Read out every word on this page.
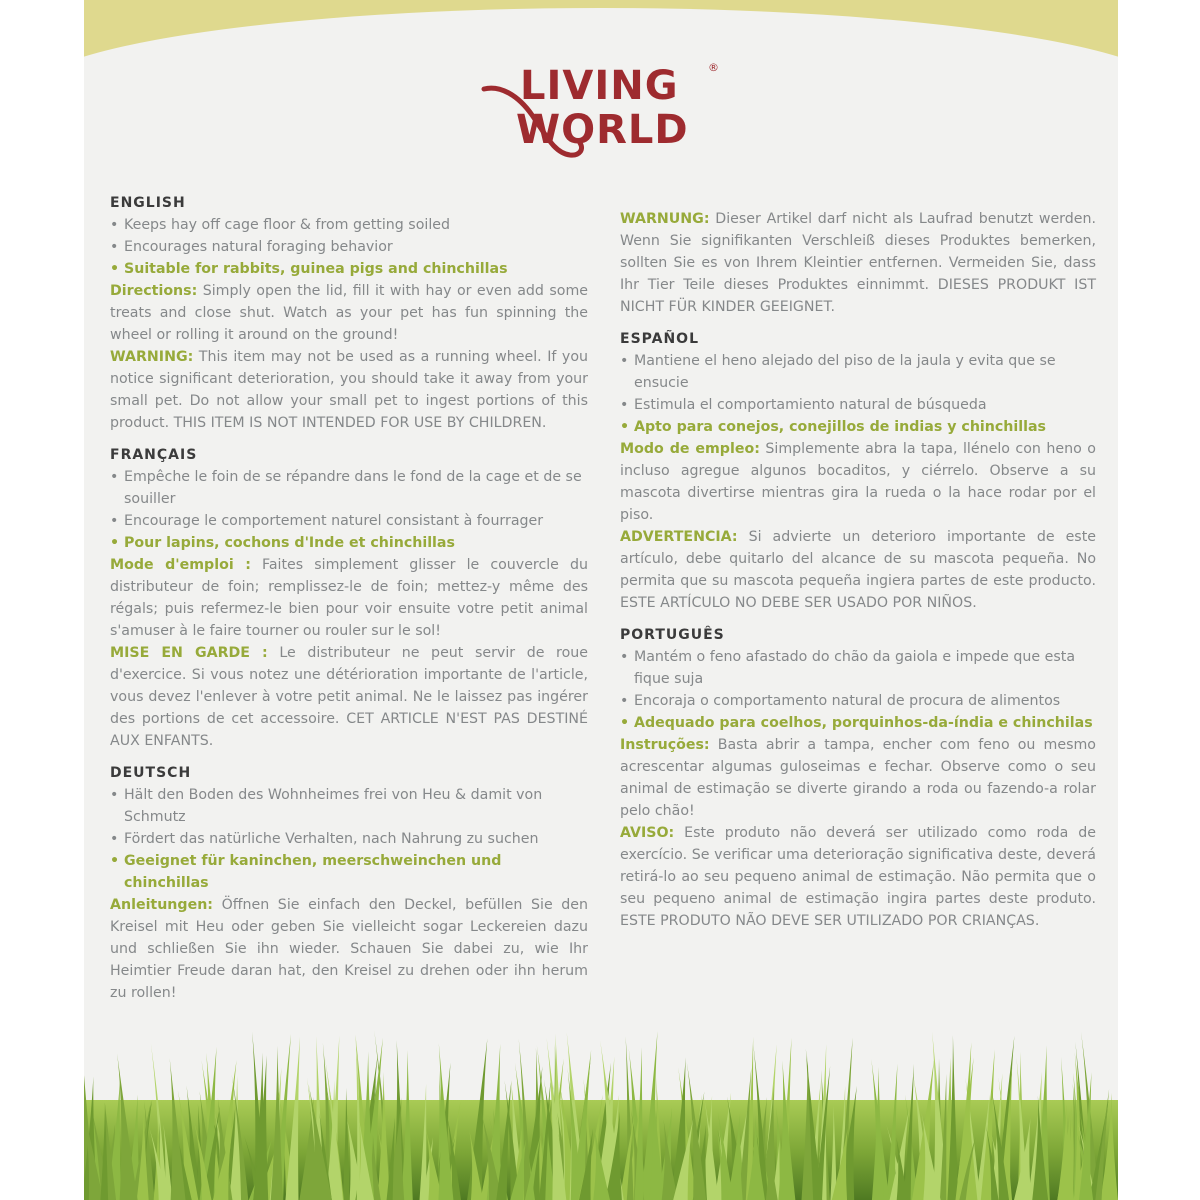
LIVING	®
WORLD
ENGLISH
• Keeps hay off cage floor & from getting soiled
• Encourages natural foraging behavior
• Suitable for rabbits, guinea pigs and chinchillas

Directions: Simply open the lid, fill it with hay or even add some treats and close shut. Watch as your pet has fun spinning the wheel or rolling it around on the ground!

WARNING: This item may not be used as a running wheel. If you notice significant deterioration, you should take it away from your small pet. Do not allow your small pet to ingest portions of this product. THIS ITEM IS NOT INTENDED FOR USE BY CHILDREN.

FRANÇAIS
• Empêche le foin de se répandre dans le fond de la cage et de se souiller
• Encourage le comportement naturel consistant à fourrager
• Pour lapins, cochons d'Inde et chinchillas

Mode d'emploi : Faites simplement glisser le couvercle du distributeur de foin; remplissez-le de foin; mettez-y même des régals; puis refermez-le bien pour voir ensuite votre petit animal s'amuser à le faire tourner ou rouler sur le sol!

MISE EN GARDE : Le distributeur ne peut servir de roue d'exercice. Si vous notez une détérioration importante de l'article, vous devez l'enlever à votre petit animal. Ne le laissez pas ingérer des portions de cet accessoire. CET ARTICLE N'EST PAS DESTINÉ AUX ENFANTS.

DEUTSCH
• Hält den Boden des Wohnheimes frei von Heu & damit von Schmutz
• Fördert das natürliche Verhalten, nach Nahrung zu suchen
• Geeignet für kaninchen, meerschweinchen und chinchillas

Anleitungen: Öffnen Sie einfach den Deckel, befüllen Sie den Kreisel mit Heu oder geben Sie vielleicht sogar Leckereien dazu und schließen Sie ihn wieder. Schauen Sie dabei zu, wie Ihr Heimtier Freude daran hat, den Kreisel zu drehen oder ihn herum zu rollen!

WARNUNG: Dieser Artikel darf nicht als Laufrad benutzt werden. Wenn Sie signifikanten Verschleiß dieses Produktes bemerken, sollten Sie es von Ihrem Kleintier entfernen. Vermeiden Sie, dass Ihr Tier Teile dieses Produktes einnimmt. DIESES PRODUKT IST NICHT FÜR KINDER GEEIGNET.

ESPAÑOL
• Mantiene el heno alejado del piso de la jaula y evita que se ensucie
• Estimula el comportamiento natural de búsqueda
• Apto para conejos, conejillos de indias y chinchillas

Modo de empleo: Simplemente abra la tapa, llénelo con heno o incluso agregue algunos bocaditos, y ciérrelo. Observe a su mascota divertirse mientras gira la rueda o la hace rodar por el piso.

ADVERTENCIA: Si advierte un deterioro importante de este artículo, debe quitarlo del alcance de su mascota pequeña. No permita que su mascota pequeña ingiera partes de este producto. ESTE ARTÍCULO NO DEBE SER USADO POR NIÑOS.

PORTUGUÊS
• Mantém o feno afastado do chão da gaiola e impede que esta fique suja
• Encoraja o comportamento natural de procura de alimentos
• Adequado para coelhos, porquinhos-da-índia e chinchilas

Instruções: Basta abrir a tampa, encher com feno ou mesmo acrescentar algumas guloseimas e fechar. Observe como o seu animal de estimação se diverte girando a roda ou fazendo-a rolar pelo chão!

AVISO: Este produto não deverá ser utilizado como roda de exercício. Se verificar uma deterioração significativa deste, deverá retirá-lo ao seu pequeno animal de estimação. Não permita que o seu pequeno animal de estimação ingira partes deste produto. ESTE PRODUTO NÃO DEVE SER UTILIZADO POR CRIANÇAS.
